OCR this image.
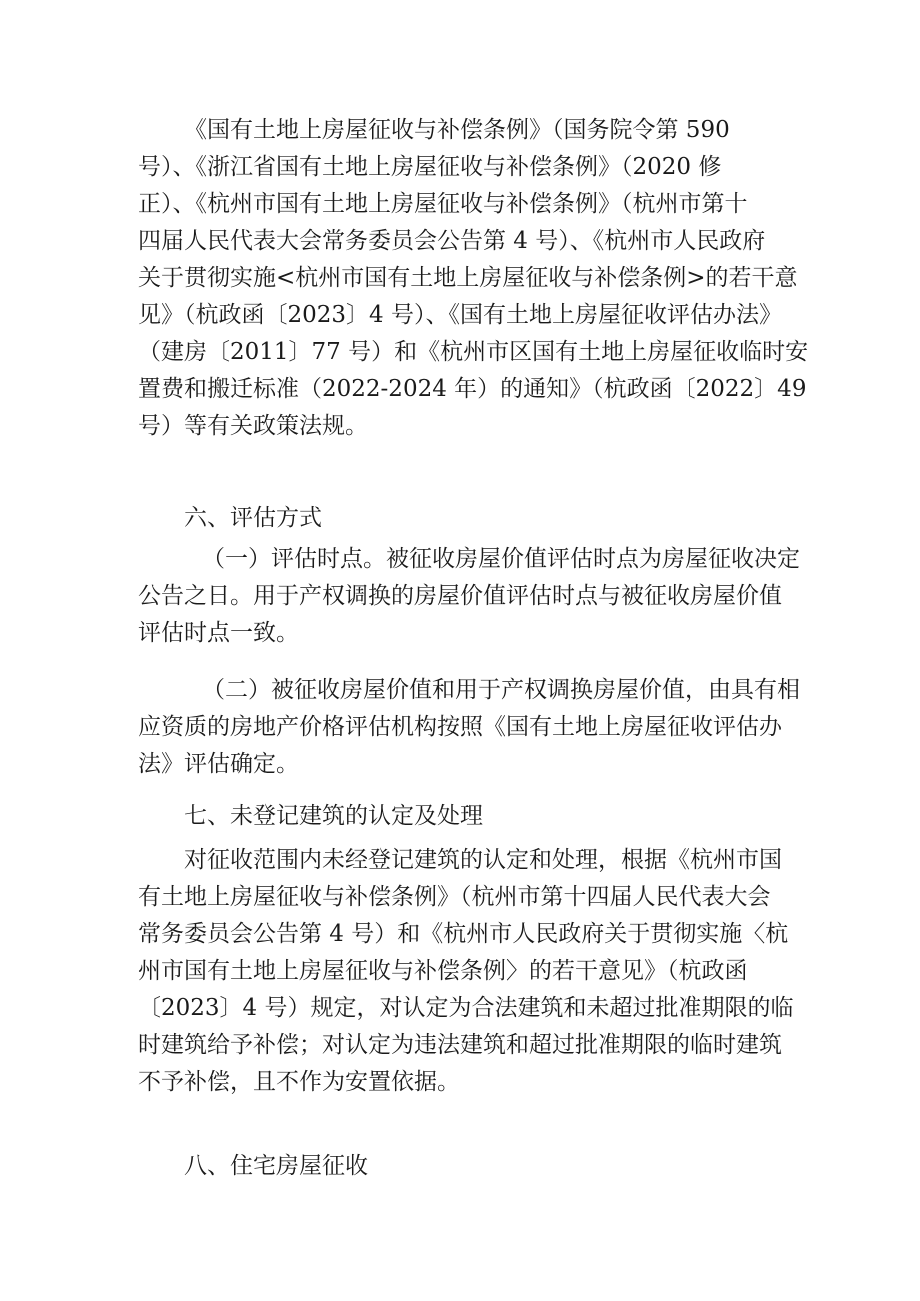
《国有土地上房屋征收与补偿条例》（国务院令第 590
号）、《浙江省国有土地上房屋征收与补偿条例》（2020 修
正）、《杭州市国有土地上房屋征收与补偿条例》（杭州市第十
四届人民代表大会常务委员会公告第 4 号）、《杭州市人民政府
关于贯彻实施<杭州市国有土地上房屋征收与补偿条例>的若干意
见》（杭政函〔2023〕4 号）、《国有土地上房屋征收评估办法》
（建房〔2011〕77 号）和《杭州市区国有土地上房屋征收临时安
置费和搬迁标准（2022-2024 年）的通知》（杭政函〔2022〕49
号）等有关政策法规。
六、评估方式
（一）评估时点。被征收房屋价值评估时点为房屋征收决定
公告之日。用于产权调换的房屋价值评估时点与被征收房屋价值
评估时点一致。
（二）被征收房屋价值和用于产权调换房屋价值，由具有相
应资质的房地产价格评估机构按照《国有土地上房屋征收评估办
法》评估确定。
七、未登记建筑的认定及处理
对征收范围内未经登记建筑的认定和处理，根据《杭州市国
有土地上房屋征收与补偿条例》（杭州市第十四届人民代表大会
常务委员会公告第 4 号）和《杭州市人民政府关于贯彻实施〈杭
州市国有土地上房屋征收与补偿条例〉的若干意见》（杭政函
〔2023〕4 号）规定，对认定为合法建筑和未超过批准期限的临
时建筑给予补偿；对认定为违法建筑和超过批准期限的临时建筑
不予补偿，且不作为安置依据。
八、住宅房屋征收
